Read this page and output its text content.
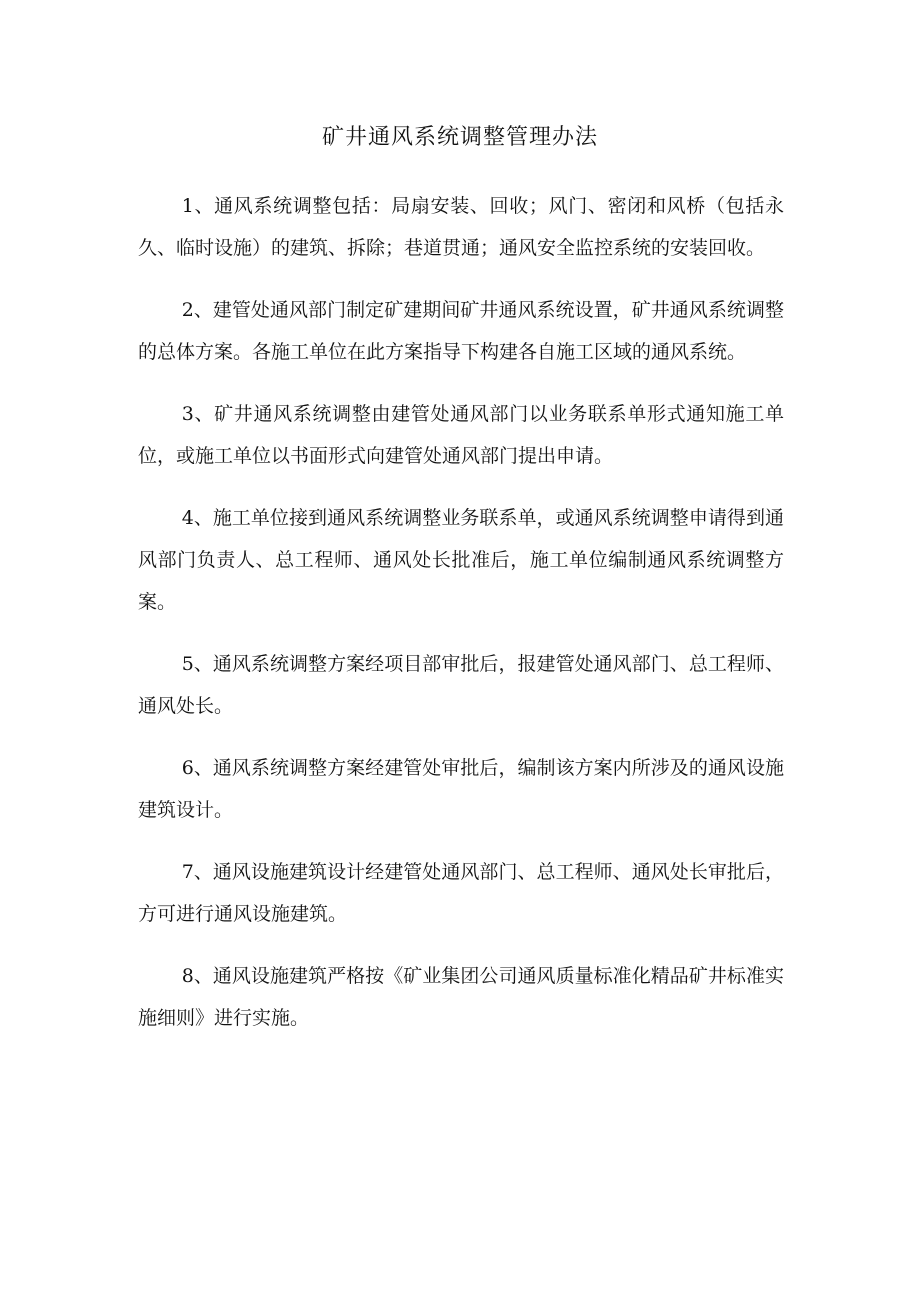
矿井通风系统调整管理办法

1、通风系统调整包括：局扇安装、回收；风门、密闭和风桥（包括永久、临时设施）的建筑、拆除；巷道贯通；通风安全监控系统的安装回收。

2、建管处通风部门制定矿建期间矿井通风系统设置，矿井通风系统调整的总体方案。各施工单位在此方案指导下构建各自施工区域的通风系统。

3、矿井通风系统调整由建管处通风部门以业务联系单形式通知施工单位，或施工单位以书面形式向建管处通风部门提出申请。

4、施工单位接到通风系统调整业务联系单，或通风系统调整申请得到通风部门负责人、总工程师、通风处长批准后，施工单位编制通风系统调整方案。

5、通风系统调整方案经项目部审批后，报建管处通风部门、总工程师、通风处长。

6、通风系统调整方案经建管处审批后，编制该方案内所涉及的通风设施建筑设计。

7、通风设施建筑设计经建管处通风部门、总工程师、通风处长审批后，方可进行通风设施建筑。

8、通风设施建筑严格按《矿业集团公司通风质量标准化精品矿井标准实施细则》进行实施。
